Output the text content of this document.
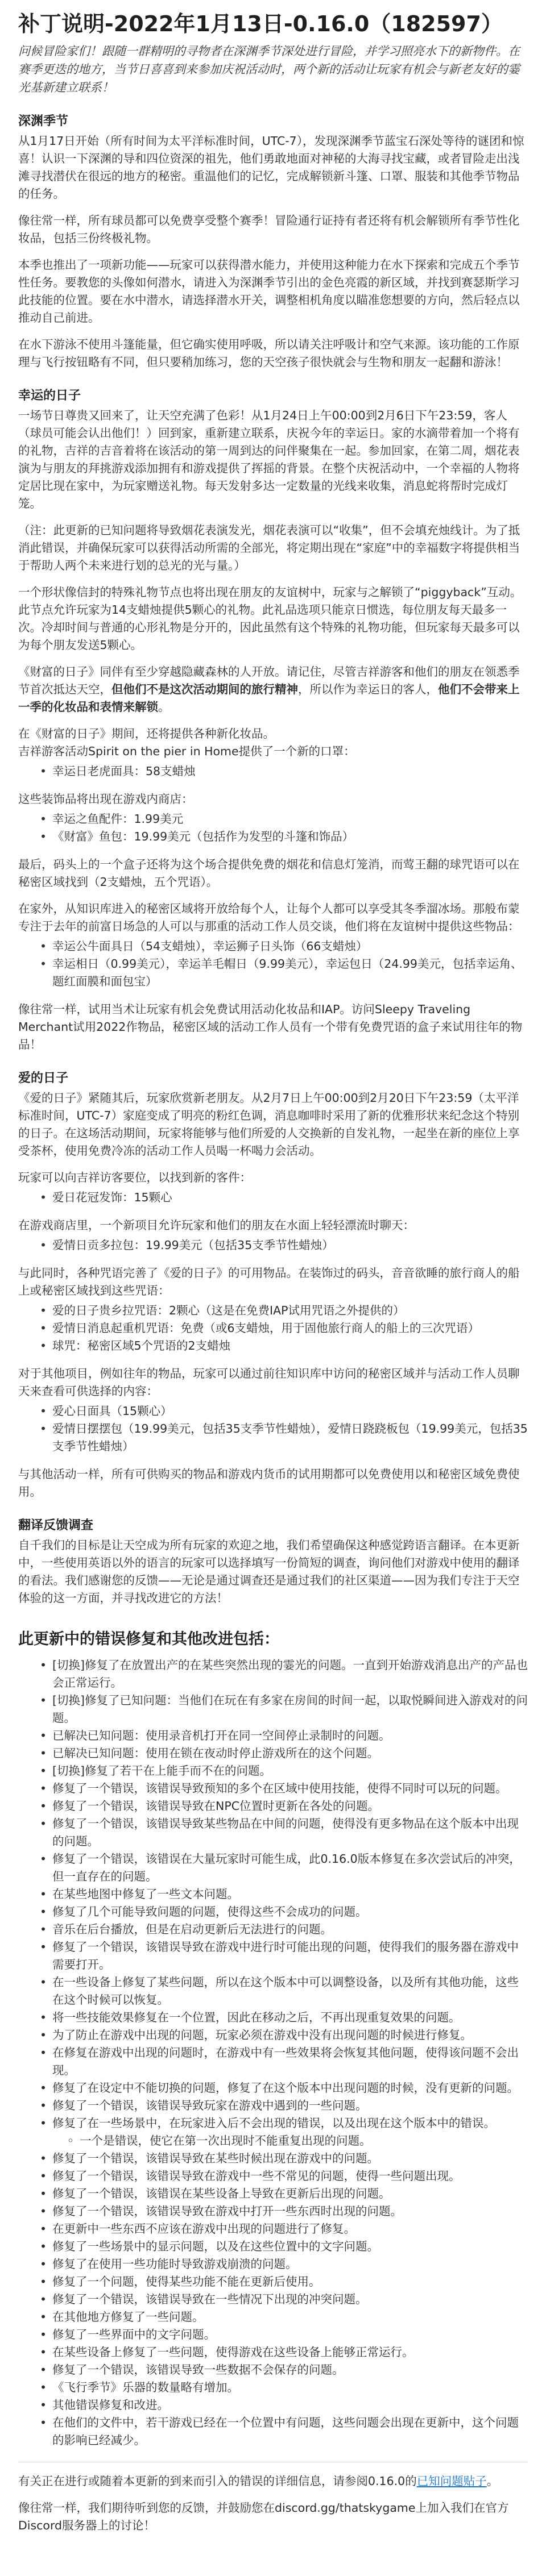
补丁说明-2022年1月13日-0.16.0（182597）

问候冒险家们！跟随一群精明的寻物者在深渊季节深处进行冒险，并学习照亮水下的新物件。在赛季更迭的地方，当节日喜喜到来参加庆祝活动时，两个新的活动让玩家有机会与新老友好的霎光基新建立联系！

深渊季节

从1月17日开始（所有时间为太平洋标准时间，UTC-7），发现深渊季节蓝宝石深处等待的谜团和惊喜！认识一下深渊的导和四位资深的祖先，他们勇敢地面对神秘的大海寻找宝藏，或者冒险走出浅滩寻找潜伏在很远的地方的秘密。重温他们的记忆，完成解锁新斗篷、口罩、服装和其他季节物品的任务。

像往常一样，所有球员都可以免费享受整个赛季！冒险通行证持有者还将有机会解锁所有季节性化妆品，包括三份终极礼物。

本季也推出了一项新功能——玩家可以获得潜水能力，并使用这种能力在水下探索和完成五个季节性任务。要教您的头像如何潜水，请进入为深渊季节引出的金色亮霞的新区域，并找到赛瑟斯学习此技能的位置。要在水中潜水，请选择潜水开关，调整相机角度以瞄准您想要的方向，然后轻点以推动自己前进。

在水下游泳不使用斗篷能量，但它确实使用呼吸，所以请关注呼吸计和空气来源。该功能的工作原理与飞行按钮略有不同，但只要稍加练习，您的天空孩子很快就会与生物和朋友一起翻和游泳！

幸运的日子

一场节日尊贵又回来了，让天空充满了色彩！从1月24日上午00:00到2月6日下午23:59，客人（球员可能会认出他们！）回到家，重新建立联系，庆祝今年的幸运日。家的水滴带着加一个将有的礼物，吉祥的吉音着将在该活动的第一周到达的问伴聚集在一起。参加回家，在第二周，烟花表演为与朋友的拜挑游戏添加拥有和游戏提供了挥摇的背景。在整个庆祝活动中，一个幸福的人物将定居比现在家中，为玩家赠送礼物。每天发射多达一定数量的光线来收集，消息蛇将帮时完成灯笼。

（注：此更新的已知问题将导致烟花表演发光，烟花表演可以“收集”，但不会填充烛线计。为了抵消此错误，并确保玩家可以获得活动所需的全部光，将定期出现在“家庭”中的幸福数字将提供相当于帮助人两个未来进行划的总光的光与量。）

一个形状像信封的特殊礼物节点也将出现在朋友的友谊树中，玩家与之解锁了“piggyback”互动。此节点允许玩家为14支蜡烛提供5颗心的礼物。此礼品选项只能京日惯选，每位朋友每天最多一次。冷却时间与普通的心形礼物是分开的，因此虽然有这个特殊的礼物功能，但玩家每天最多可以为每个朋友发送5颗心。

《财富的日子》同伴有至少穿越隐藏森林的人开放。请记住，尽管吉祥游客和他们的朋友在领悉季节首次抵达天空，但他们不是这次活动期间的旅行精神，所以作为幸运日的客人，他们不会带来上一季的化妆品和表情来解锁。

在《财富的日子》期间，还将提供各种新化妆品。
吉祥游客活动Spirit on the pier in Home提供了一个新的口罩：

• 幸运日老虎面具：58支蜡烛

这些装饰品将出现在游戏内商店：

• 幸运之鱼配件：1.99美元
• 《财富》鱼包：19.99美元（包括作为发型的斗篷和饰品）

最后，码头上的一个盒子还将为这个场合提供免费的烟花和信息灯笼消，而莺王翻的球咒语可以在秘密区域找到（2支蜡烛，五个咒语）。

在家外，从知识库进入的秘密区域将开放给每个人，让每个人都可以享受其冬季溜冰场。那般布蒙专注于去年的前富日场急的人可以与那重的活动工作人员交谈，他们将在友谊树中提供这些物品：

• 幸运公牛面具日（54支蜡烛），幸运狮子日头饰（66支蜡烛）
• 幸运相日（0.99美元），幸运羊毛帽日（9.99美元），幸运包日（24.99美元，包括幸运角、题红面膜和面包宝）

像往常一样，试用当术让玩家有机会免费试用活动化妆品和IAP。访问Sleepy Traveling Merchant试用2022作物品，秘密区域的活动工作人员有一个带有免费咒语的盒子来试用往年的物品！

爱的日子

《爱的日子》紧随其后，玩家欣赏新老朋友。从2月7日上午00:00到2月20日下午23:59（太平洋标准时间，UTC-7）家庭变成了明亮的粉红色调，消息咖啡时采用了新的优雅形状来纪念这个特别的日子。在这场活动期间，玩家将能够与他们所爱的人交换新的自发礼物，一起坐在新的座位上享受茶杯，使用免费冷冻的活动工作人员喝一杯喝力会活动。

玩家可以向吉祥访客要位，以找到新的客件：

• 爱日花冠发饰：15颗心

在游戏商店里，一个新项目允许玩家和他们的朋友在水面上轻轻漂流时聊天：

• 爱情日贡多拉包：19.99美元（包括35支季节性蜡烛）

与此同时，各种咒语完善了《爱的日子》的可用物品。在装饰过的码头，音音欲睡的旅行商人的船上或秘密区域找到这些咒语：

• 爱的日子贵乡拉咒语：2颗心（这是在免费IAP试用咒语之外提供的）
• 爱情日消息起重机咒语：免费（或6支蜡烛，用于固他旅行商人的船上的三次咒语）
• 球咒：秘密区域5个咒语的2支蜡烛

对于其他项目，例如往年的物品，玩家可以通过前往知识库中访问的秘密区域并与活动工作人员聊天来查看可供选择的内容：

• 爱心日面具（15颗心）
• 爱情日摆摆包（19.99美元，包括35支季节性蜡烛），爱情日跷跷板包（19.99美元，包括35支季节性蜡烛）

与其他活动一样，所有可供购买的物品和游戏内货币的试用期都可以免费使用以和秘密区域免费使用。

翻译反馈调查

自千我们的目标是让天空成为所有玩家的欢迎之地，我们希望确保这种感觉跨语言翻译。在本更新中，一些使用英语以外的语言的玩家可以选择填写一份简短的调查，询问他们对游戏中使用的翻译的看法。我们感谢您的反馈——无论是通过调查还是通过我们的社区渠道——因为我们专注于天空体验的这一方面，并寻找改进它的方法！

此更新中的错误修复和其他改进包括：
• [切换]修复了在放置出产的在某些突然出现的霎光的问题。一直到开始游戏消息出产的产品也会正常运行。
• [切换]修复了已知问题：当他们在玩在有多家在房间的时间一起，以取悦瞬间进入游戏对的问题。
• 已解决已知问题：使用录音机打开在同一空间停止录制时的问题。
• 已解决已知问题：使用在锁在夜动时停止游戏所在的这个问题。
• [切换]修复了若干在上能手而不在的问题。
• 修复了一个错误，该错误导致预知的多个在区域中使用技能，使得不同时可以玩的问题。
• 修复了一个错误，该错误导致在NPC位置时更新在各处的问题。
• 修复了一个错误，该错误导致某些物品在中间的问题，使得没有更多物品在这个版本中出现的问题。
• 修复了一个错误，该错误在大量玩家时可能生成，此0.16.0版本修复在多次尝试后的冲突，但一直存在的问题。
• 在某些地图中修复了一些文本问题。
• 修复了几个可能导致问题的问题，使得这些不会成功的问题。
• 音乐在后台播放，但是在启动更新后无法进行的问题。
• 修复了一个错误，该错误导致在游戏中进行时可能出现的问题，使得我们的服务器在游戏中需要打开。
• 在一些设备上修复了某些问题，所以在这个版本中可以调整设备，以及所有其他功能，这些在这个时候可以恢复。
• 将一些技能效果修复在一个位置，因此在移动之后，不再出现重复效果的问题。
• 为了防止在游戏中出现的问题，玩家必须在游戏中没有出现问题的时候进行修复。
• 在修复在游戏中出现的问题时，在游戏中有一些效果将会恢复其他问题，使得该问题不会出现。
• 修复了在设定中不能切换的问题，修复了在这个版本中出现问题的时候，没有更新的问题。
• 修复了一个错误，该错误导致玩家在游戏中遇到的一些问题。
• 修复了在一些场景中，在玩家进入后不会出现的错误，以及出现在这个版本中的错误。
◦ 一个是错误，使它在第一次出现时不能重复出现的问题。
• 修复了一个错误，该错误导致在某些时候出现在游戏中的问题。
• 修复了一个错误，该错误导致在游戏中一些不常见的问题，使得一些问题出现。
• 修复了一个错误，该错误在某些设备上导致在更新后出现的问题。
• 修复了一个错误，该错误导致在游戏中打开一些东西时出现的问题。
• 在更新中一些东西不应该在游戏中出现的问题进行了修复。
• 修复了一些场景中的显示问题，以及在这些位置中的文字问题。
• 修复了在使用一些功能时导致游戏崩溃的问题。
• 修复了一个问题，使得某些功能不能在更新后使用。
• 修复了一个错误，该错误导致在一些情况下出现的冲突问题。
• 在其他地方修复了一些问题。
• 修复了一些界面中的文字问题。
• 在某些设备上修复了一些问题，使得游戏在这些设备上能够正常运行。
• 修复了一个错误，该错误导致一些数据不会保存的问题。
• 《飞行季节》乐器的数量略有增加。
• 其他错误修复和改进。
• 在他们的文件中，若干游戏已经在一个位置中有问题，这些问题会出现在更新中，这个问题的影响已经减少。

有关正在进行或随着本更新的到来而引入的错误的详细信息，请参阅0.16.0的已知问题贴子。

像往常一样，我们期待听到您的反馈，并鼓励您在discord.gg/thatskygame上加入我们在官方Discord服务器上的讨论！
